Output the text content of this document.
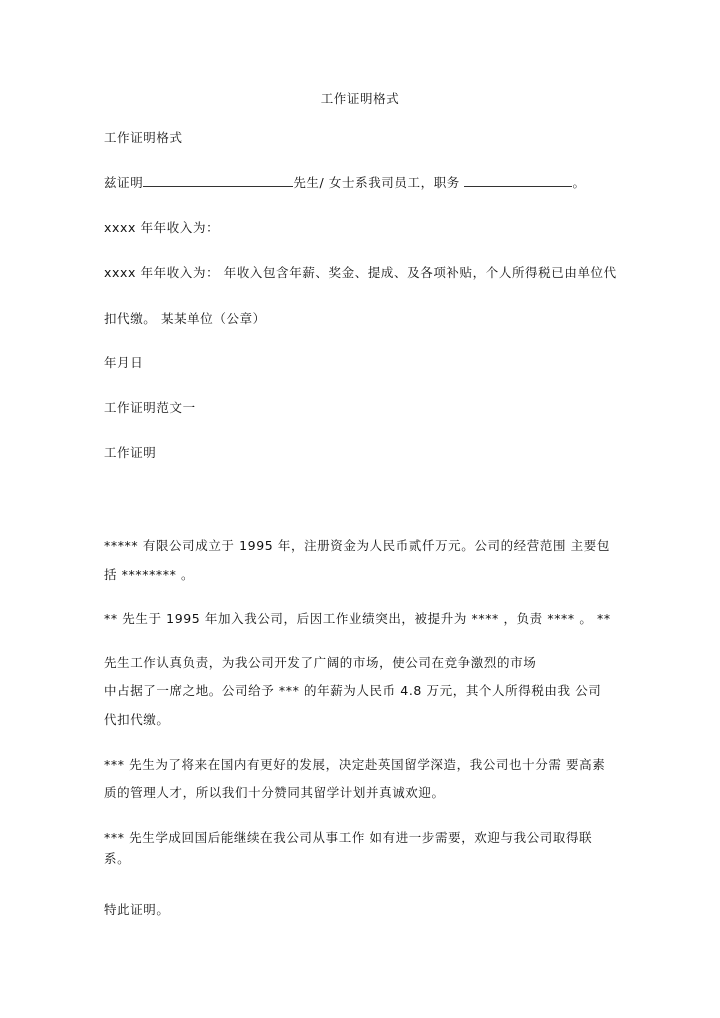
工作证明格式
工作证明格式
兹证明	先生/ 女士系我司员工，职务	。
xxxx 年年收入为：
xxxx 年年收入为： 年收入包含年薪、奖金、提成、及各项补贴，个人所得税已由单位代
扣代缴。 某某单位（公章）
年月日
工作证明范文一
工作证明
***** 有限公司成立于 1995 年，注册资金为人民币贰仟万元。公司的经营范围 主要包
括 ******** 。
** 先生于 1995 年加入我公司，后因工作业绩突出，被提升为 **** ，负责 **** 。 **
先生工作认真负责，为我公司开发了广阔的市场，使公司在竞争激烈的市场
中占据了一席之地。公司给予 *** 的年薪为人民币 4.8 万元，其个人所得税由我 公司
代扣代缴。
*** 先生为了将来在国内有更好的发展，决定赴英国留学深造，我公司也十分需 要高素
质的管理人才，所以我们十分赞同其留学计划并真诚欢迎。
*** 先生学成回国后能继续在我公司从事工作 如有进一步需要，欢迎与我公司取得联
系。
特此证明。
